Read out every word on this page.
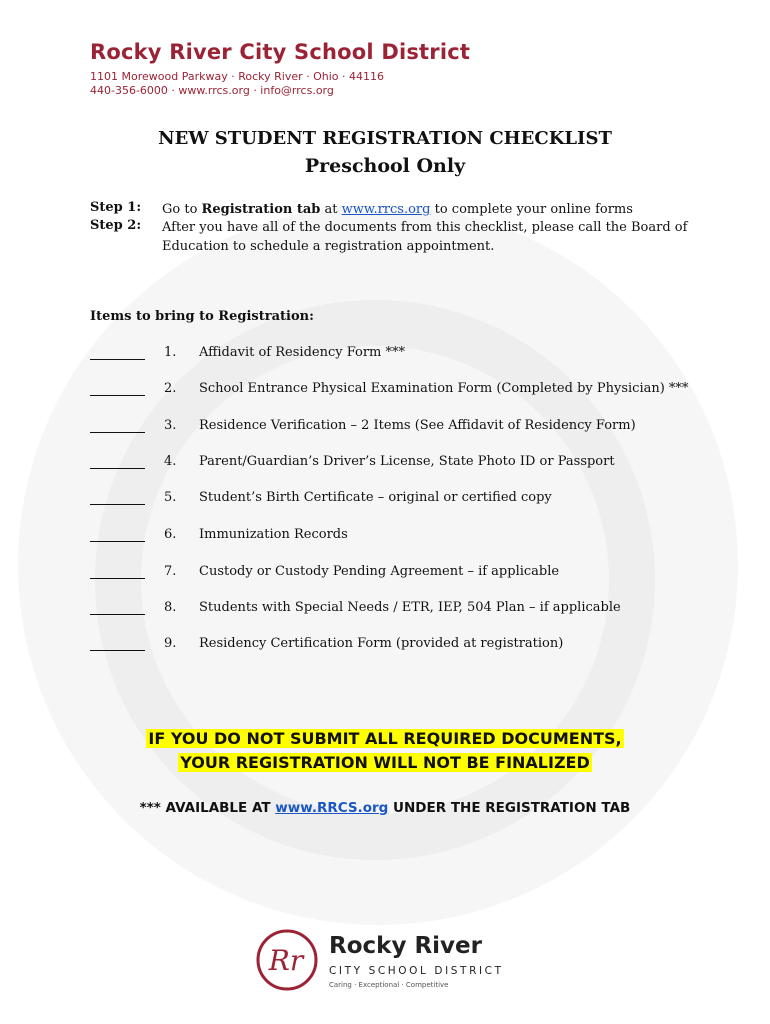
Rocky River City School District
1101 Morewood Parkway · Rocky River · Ohio · 44116
440-356-6000 · www.rrcs.org · info@rrcs.org
NEW STUDENT REGISTRATION CHECKLIST
Preschool Only
Step 1: Go to Registration tab at www.rrcs.org to complete your online forms
Step 2: After you have all of the documents from this checklist, please call the Board of
Education to schedule a registration appointment.
Items to bring to Registration:
1. Affidavit of Residency Form ***
2. School Entrance Physical Examination Form (Completed by Physician) ***
3. Residence Verification – 2 Items (See Affidavit of Residency Form)
4. Parent/Guardian’s Driver’s License, State Photo ID or Passport
5. Student’s Birth Certificate – original or certified copy
6. Immunization Records
7. Custody or Custody Pending Agreement – if applicable
8. Students with Special Needs / ETR, IEP, 504 Plan – if applicable
9. Residency Certification Form (provided at registration)
IF YOU DO NOT SUBMIT ALL REQUIRED DOCUMENTS,
YOUR REGISTRATION WILL NOT BE FINALIZED
*** AVAILABLE AT www.RRCS.org UNDER THE REGISTRATION TAB
Rr Rocky River
CITY SCHOOL DISTRICT
Caring · Exceptional · Competitive
